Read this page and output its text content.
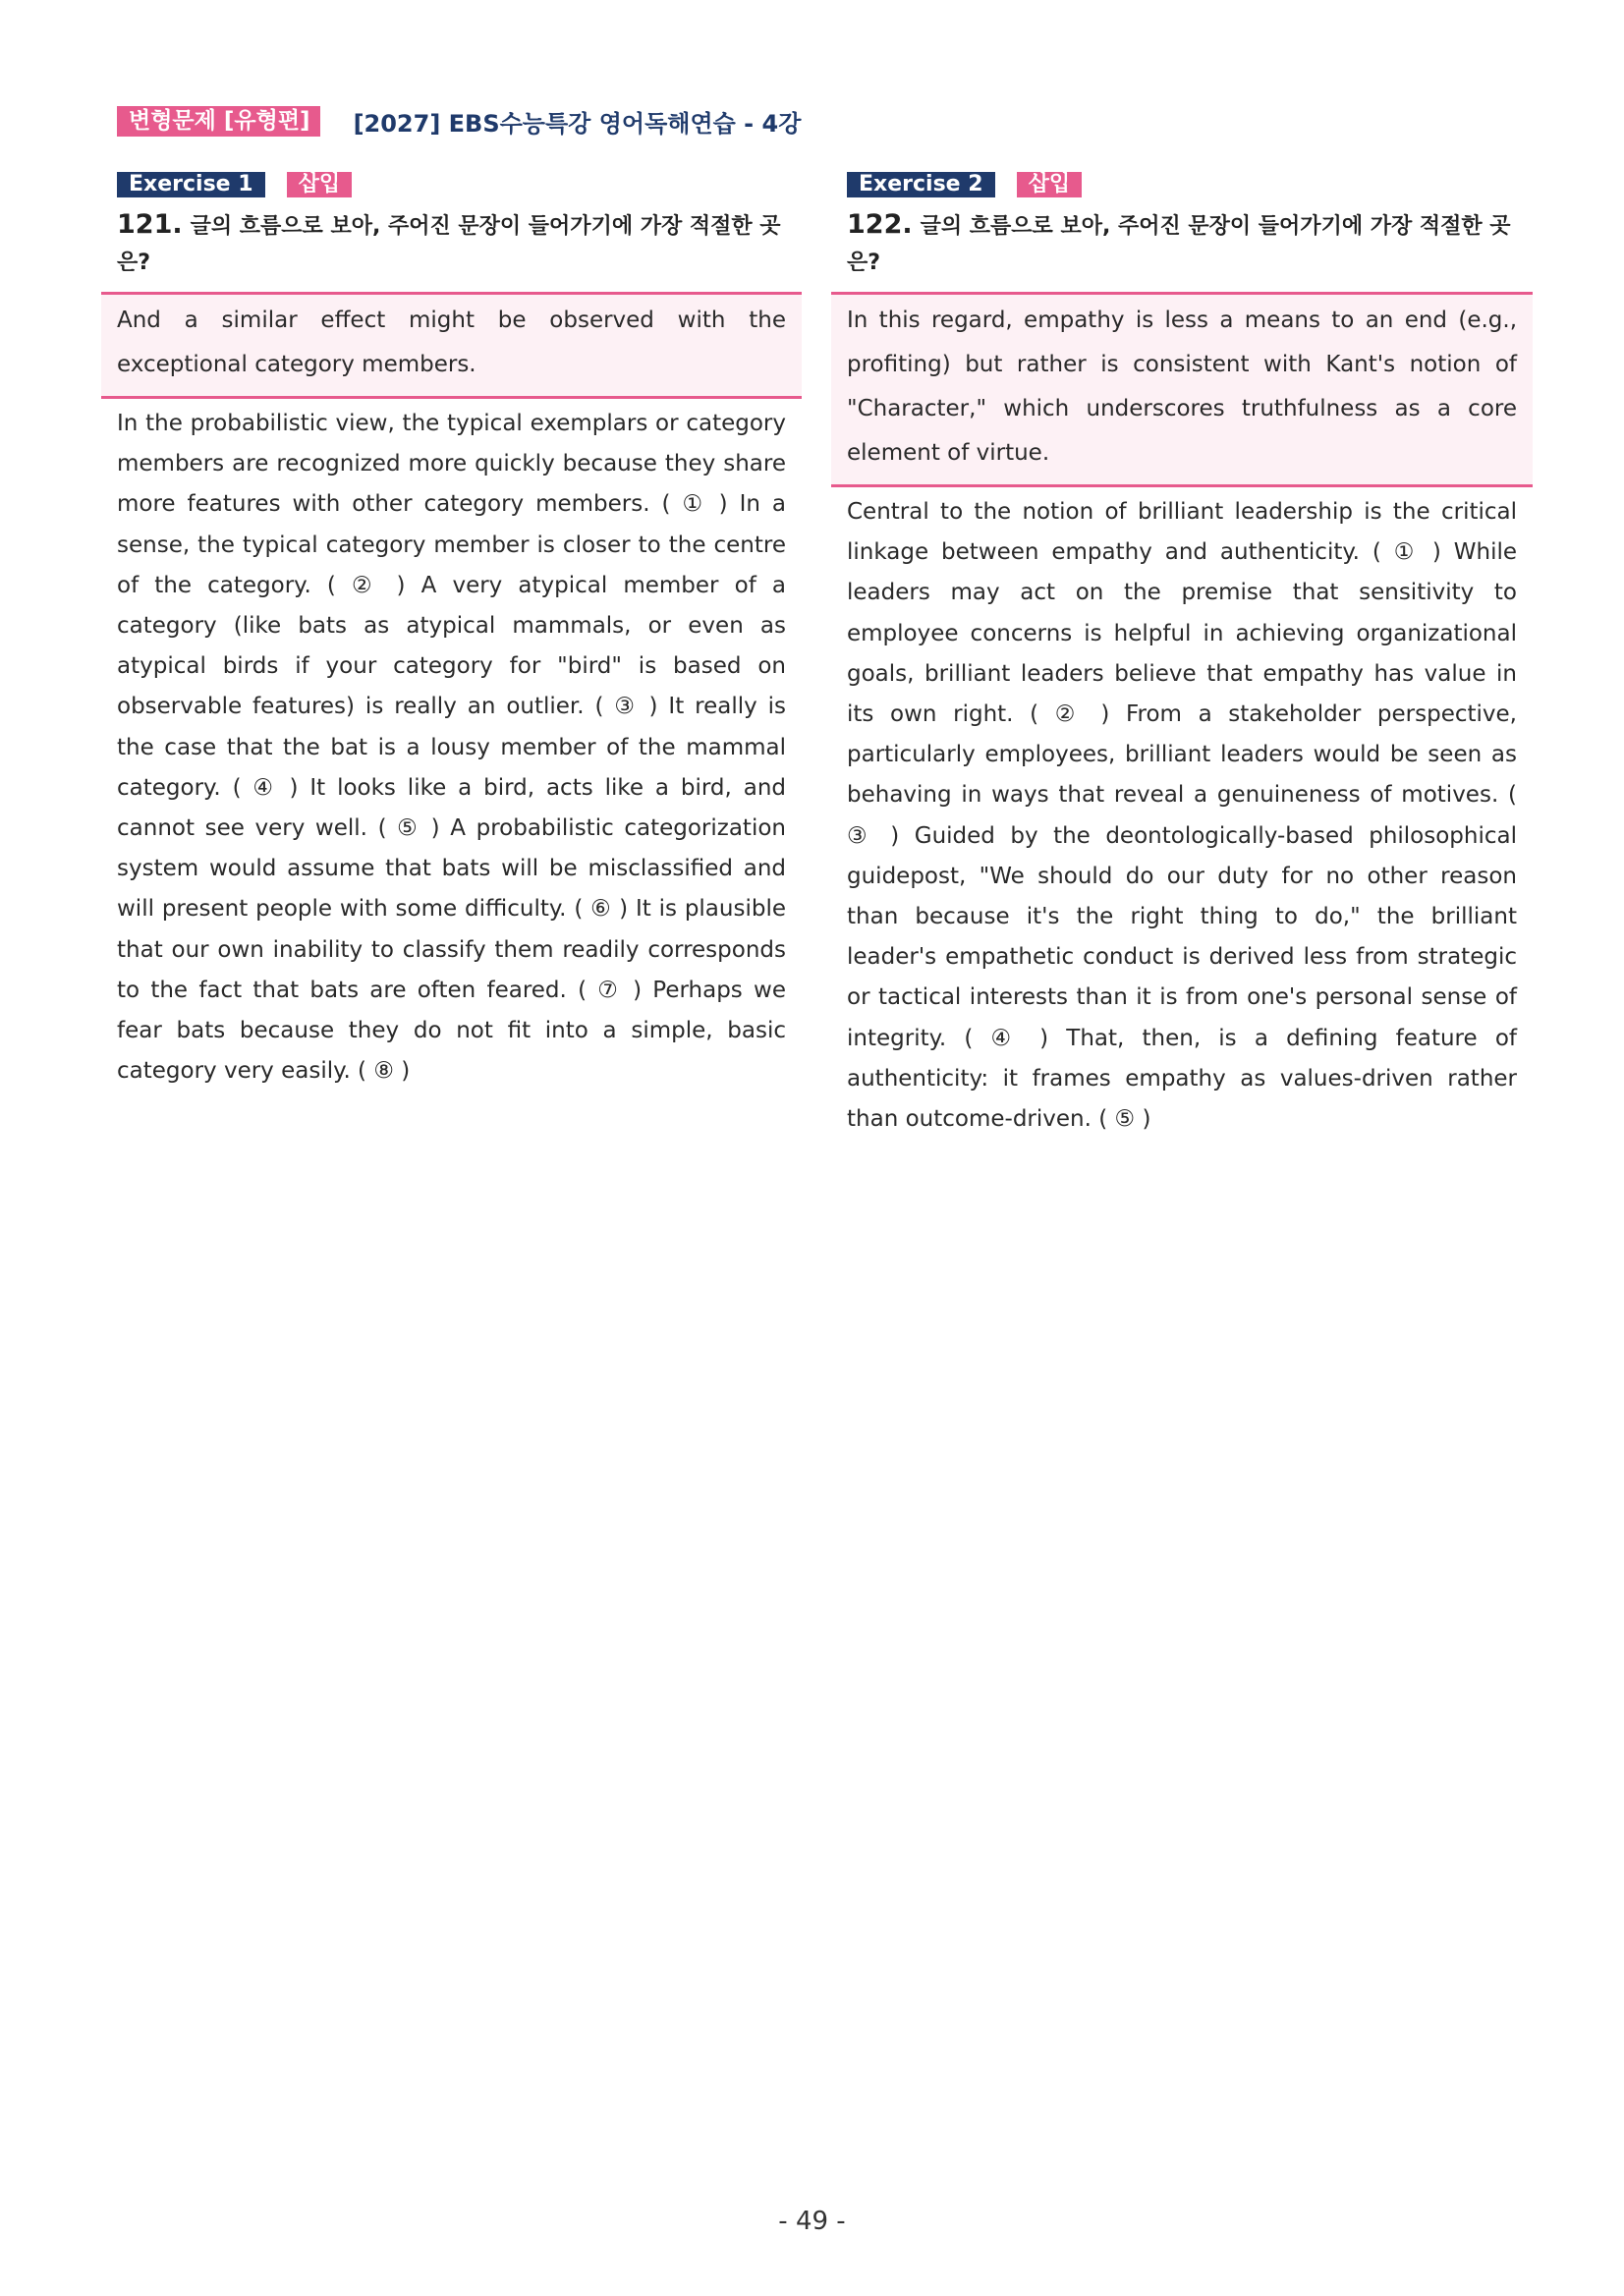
변형문제 [유형편]	[2027] EBS수능특강 영어독해연습 - 4강
Exercise 1	삽입
121. 글의 흐름으로 보아, 주어진 문장이 들어가기에 가장 적절한 곳은?
And a similar effect might be observed with the exceptional category members.
In the probabilistic view, the typical exemplars or category members are recognized more quickly because they share more features with other category members. ( ① ) In a sense, the typical category member is closer to the centre of the category. ( ② ) A very atypical member of a category (like bats as atypical mammals, or even as atypical birds if your category for "bird" is based on observable features) is really an outlier. ( ③ ) It really is the case that the bat is a lousy member of the mammal category. ( ④ ) It looks like a bird, acts like a bird, and cannot see very well. ( ⑤ ) A probabilistic categorization system would assume that bats will be misclassified and will present people with some difficulty. ( ⑥ ) It is plausible that our own inability to classify them readily corresponds to the fact that bats are often feared. ( ⑦ ) Perhaps we fear bats because they do not fit into a simple, basic category very easily. ( ⑧ )
Exercise 2	삽입
122. 글의 흐름으로 보아, 주어진 문장이 들어가기에 가장 적절한 곳은?
In this regard, empathy is less a means to an end (e.g., profiting) but rather is consistent with Kant's notion of "Character," which underscores truthfulness as a core element of virtue.
Central to the notion of brilliant leadership is the critical linkage between empathy and authenticity. ( ① ) While leaders may act on the premise that sensitivity to employee concerns is helpful in achieving organizational goals, brilliant leaders believe that empathy has value in its own right. ( ② ) From a stakeholder perspective, particularly employees, brilliant leaders would be seen as behaving in ways that reveal a genuineness of motives. ( ③ ) Guided by the deontologically-based philosophical guidepost, "We should do our duty for no other reason than because it's the right thing to do," the brilliant leader's empathetic conduct is derived less from strategic or tactical interests than it is from one's personal sense of integrity. ( ④ ) That, then, is a defining feature of authenticity: it frames empathy as values-driven rather than outcome-driven. ( ⑤ )
- 49 -
